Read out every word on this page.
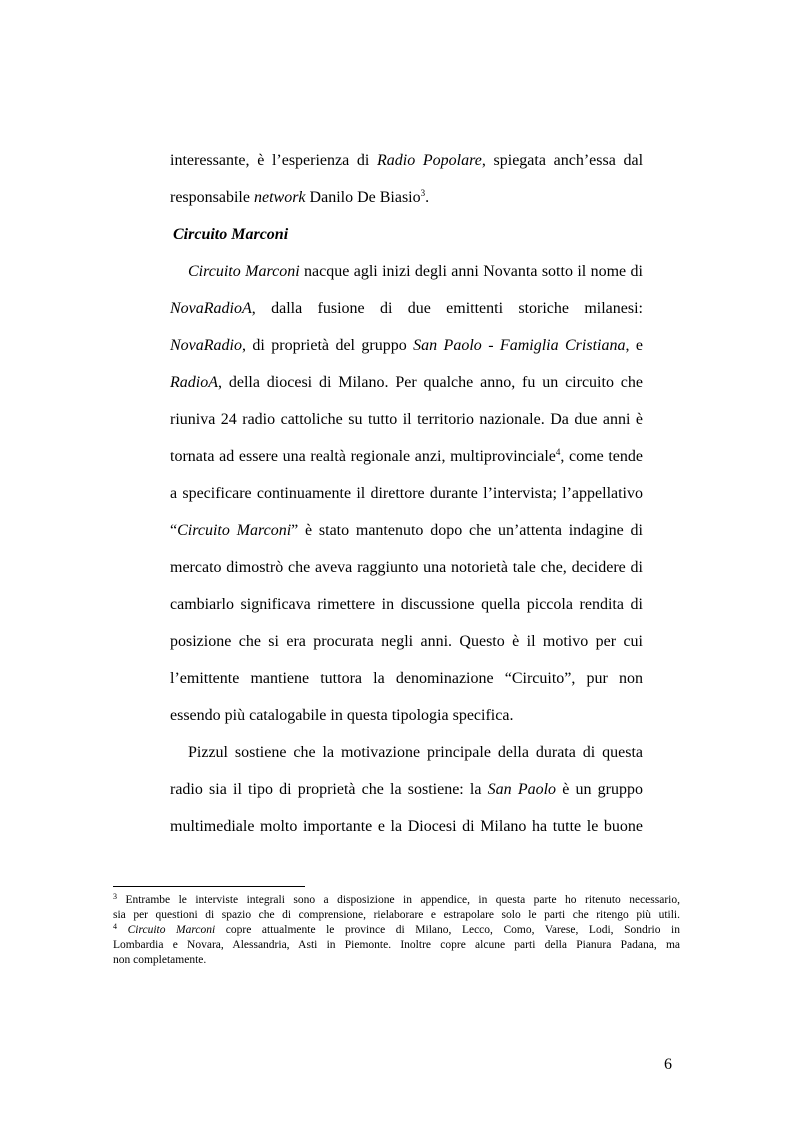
interessante, è l’esperienza di Radio Popolare, spiegata anch’essa dal
responsabile network Danilo De Biasio$^3$.
Circuito Marconi
Circuito Marconi nacque agli inizi degli anni Novanta sotto il nome di
NovaRadioA, dalla fusione di due emittenti storiche milanesi:
NovaRadio, di proprietà del gruppo San Paolo - Famiglia Cristiana, e
RadioA, della diocesi di Milano. Per qualche anno, fu un circuito che
riuniva 24 radio cattoliche su tutto il territorio nazionale. Da due anni è
tornata ad essere una realtà regionale anzi, multiprovinciale$^4$, come tende
a specificare continuamente il direttore durante l’intervista; l’appellativo
“Circuito Marconi” è stato mantenuto dopo che un’attenta indagine di
mercato dimostrò che aveva raggiunto una notorietà tale che, decidere di
cambiarlo significava rimettere in discussione quella piccola rendita di
posizione che si era procurata negli anni. Questo è il motivo per cui
l’emittente mantiene tuttora la denominazione “Circuito”, pur non
essendo più catalogabile in questa tipologia specifica.
Pizzul sostiene che la motivazione principale della durata di questa
radio sia il tipo di proprietà che la sostiene: la San Paolo è un gruppo
multimediale molto importante e la Diocesi di Milano ha tutte le buone
$^3$ Entrambe le interviste integrali sono a disposizione in appendice, in questa parte ho ritenuto necessario,
sia per questioni di spazio che di comprensione, rielaborare e estrapolare solo le parti che ritengo più utili.
$^4$ Circuito Marconi copre attualmente le province di Milano, Lecco, Como, Varese, Lodi, Sondrio in
Lombardia e Novara, Alessandria, Asti in Piemonte. Inoltre copre alcune parti della Pianura Padana, ma
non completamente.
6
